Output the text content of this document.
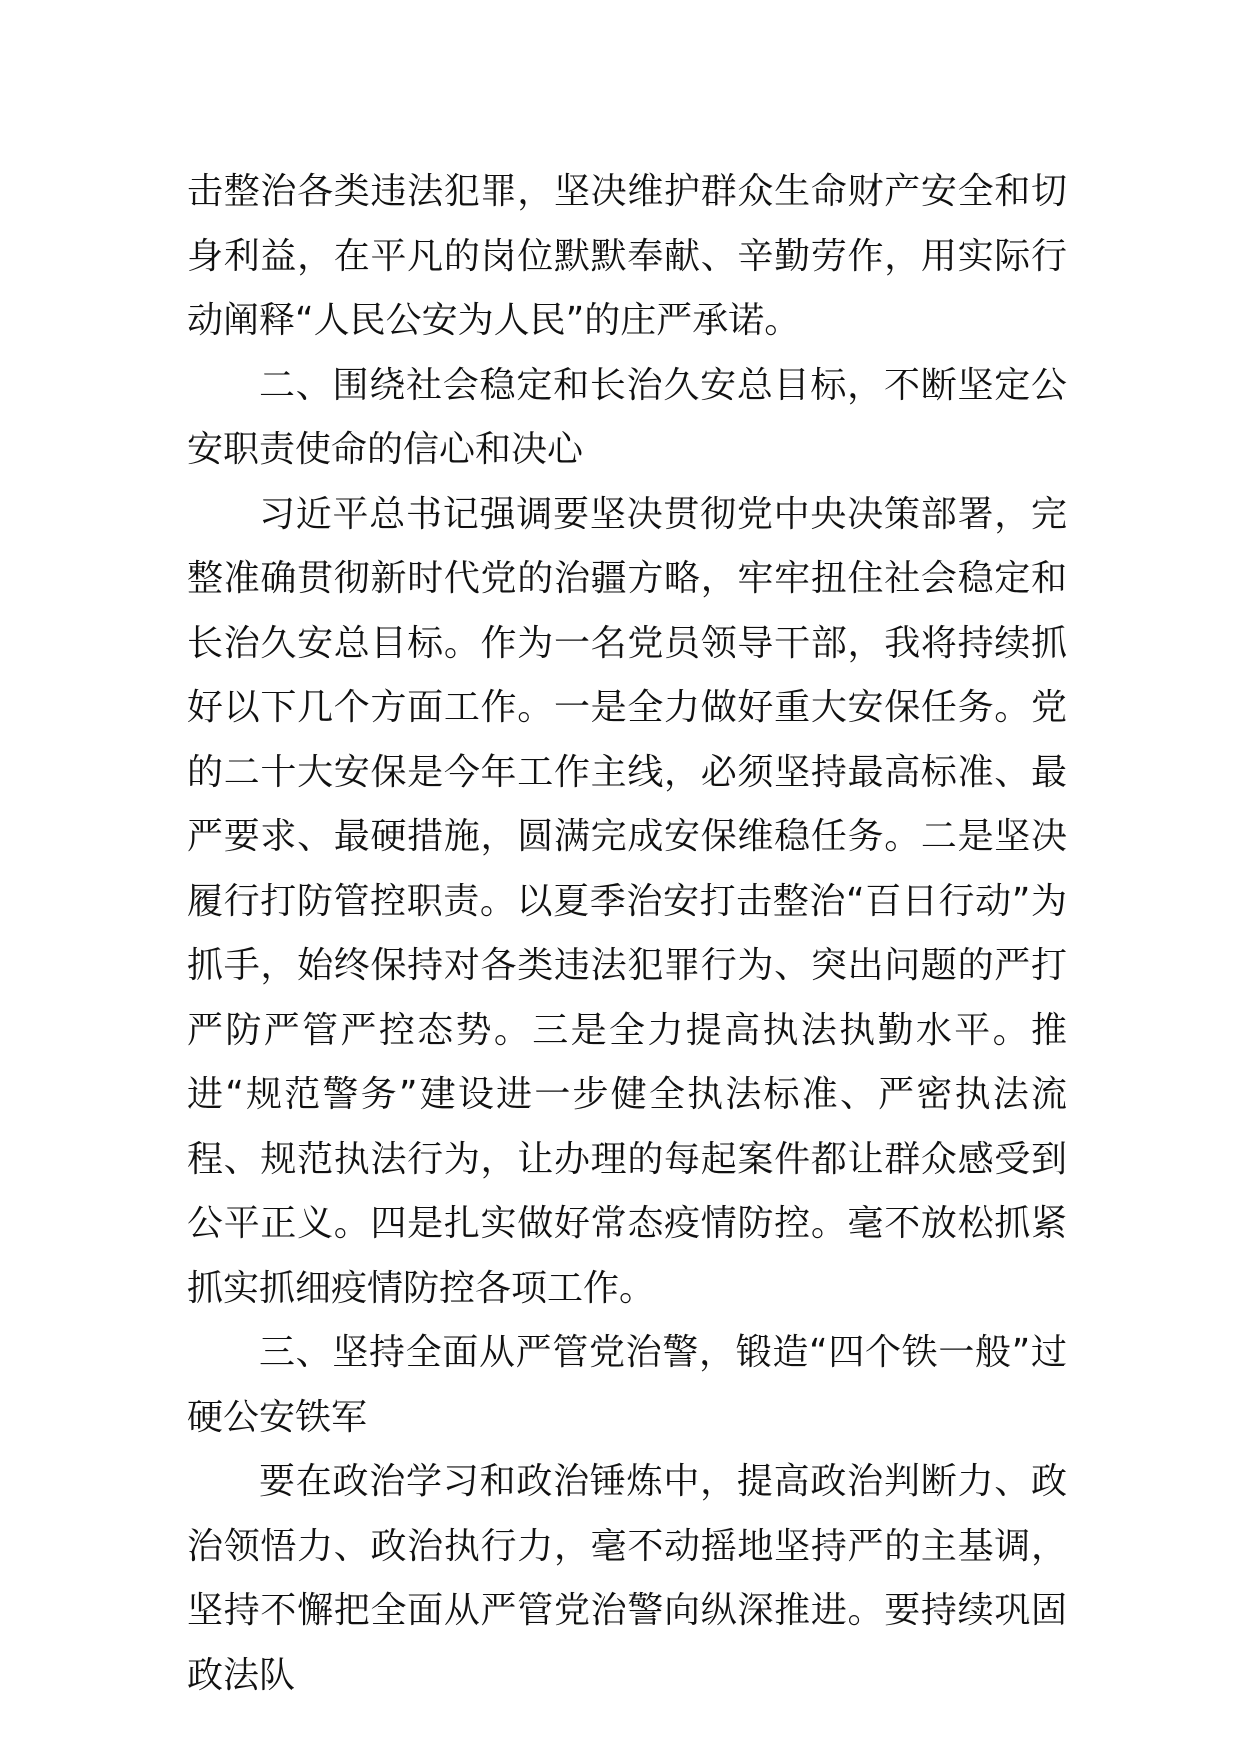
击整治各类违法犯罪，坚决维护群众生命财产安全和切身利益，在平凡的岗位默默奉献、辛勤劳作，用实际行动阐释“人民公安为人民”的庄严承诺。

二、围绕社会稳定和长治久安总目标，不断坚定公安职责使命的信心和决心

习近平总书记强调要坚决贯彻党中央决策部署，完整准确贯彻新时代党的治疆方略，牢牢扭住社会稳定和长治久安总目标。作为一名党员领导干部，我将持续抓好以下几个方面工作。一是全力做好重大安保任务。党的二十大安保是今年工作主线，必须坚持最高标准、最严要求、最硬措施，圆满完成安保维稳任务。二是坚决履行打防管控职责。以夏季治安打击整治“百日行动”为抓手，始终保持对各类违法犯罪行为、突出问题的严打严防严管严控态势。三是全力提高执法执勤水平。推进“规范警务”建设进一步健全执法标准、严密执法流程、规范执法行为，让办理的每起案件都让群众感受到公平正义。四是扎实做好常态疫情防控。毫不放松抓紧抓实抓细疫情防控各项工作。

三、坚持全面从严管党治警，锻造“四个铁一般”过硬公安铁军

要在政治学习和政治锤炼中，提高政治判断力、政治领悟力、政治执行力，毫不动摇地坚持严的主基调，坚持不懈把全面从严管党治警向纵深推进。要持续巩固政法队
